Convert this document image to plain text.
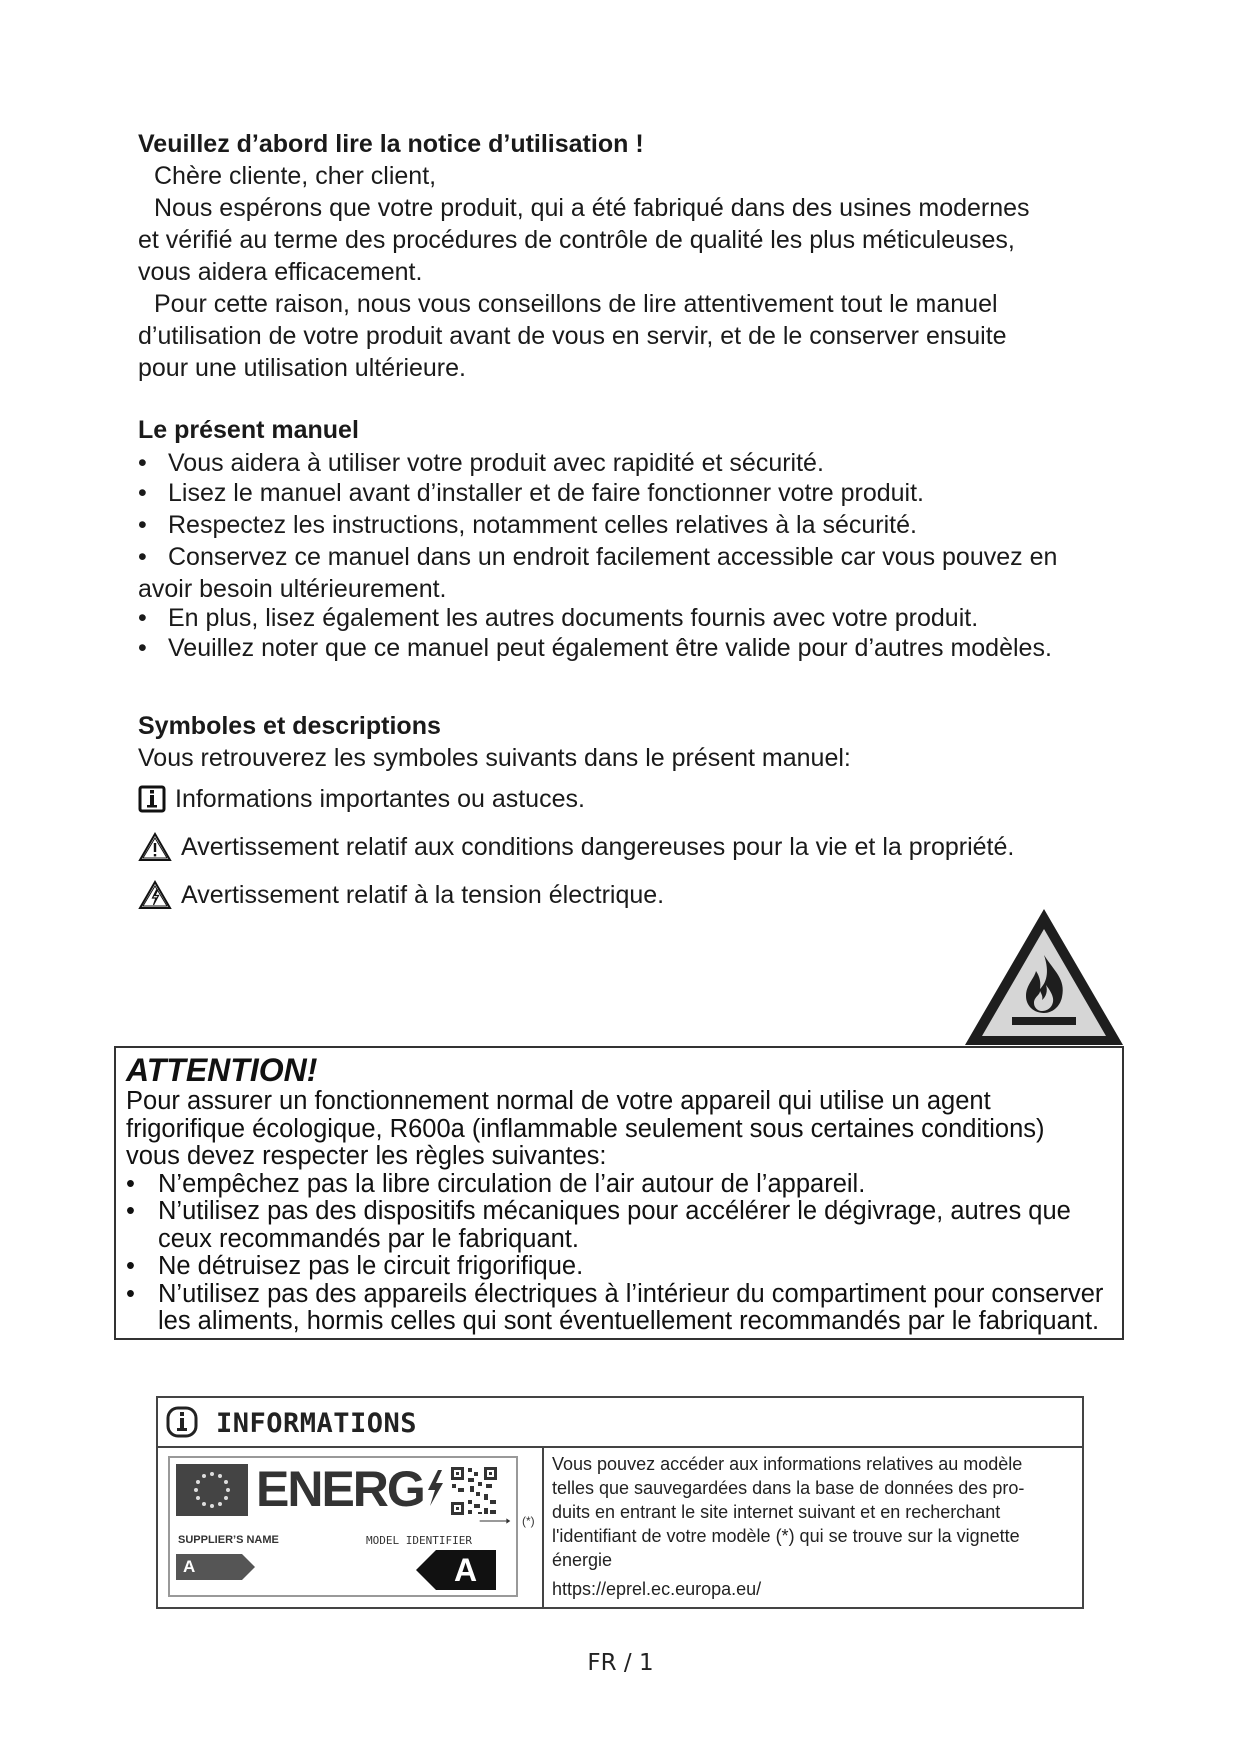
Veuillez d’abord lire la notice d’utilisation !

Chère cliente, cher client,

Nous espérons que votre produit, qui a été fabriqué dans des usines modernes

et vérifié au terme des procédures de contrôle de qualité les plus méticuleuses,

vous aidera efficacement.

Pour cette raison, nous vous conseillons de lire attentivement tout le manuel

d’utilisation de votre produit avant de vous en servir, et de le conserver ensuite

pour une utilisation ultérieure.

Le présent manuel
• Vous aidera à utiliser votre produit avec rapidité et sécurité.
• Lisez le manuel avant d’installer et de faire fonctionner votre produit.
• Respectez les instructions, notamment celles relatives à la sécurité.
• Conservez ce manuel dans un endroit facilement accessible car vous pouvez en
avoir besoin ultérieurement.
• En plus, lisez également les autres documents fournis avec votre produit.
• Veuillez noter que ce manuel peut également être valide pour d’autres modèles.
Symboles et descriptions

Vous retrouverez les symboles suivants dans le présent manuel:

Informations importantes ou astuces.
Avertissement relatif aux conditions dangereuses pour la vie et la propriété.
Avertissement relatif à la tension électrique.
ATTENTION!

Pour assurer un fonctionnement normal de votre appareil qui utilise un agent

frigorifique écologique, R600a (inflammable seulement sous certaines conditions)

vous devez respecter les règles suivantes:

• N’empêchez pas la libre circulation de l’air autour de l’appareil.
• N’utilisez pas des dispositifs mécaniques pour accélérer le dégivrage, autres que
ceux recommandés par le fabriquant.
• Ne détruisez pas le circuit frigorifique.
• N’utilisez pas des appareils électriques à l’intérieur du compartiment pour conserver
les aliments, hormis celles qui sont éventuellement recommandés par le fabriquant.
INFORMATIONS
ENERG
SUPPLIER’S NAME	MODEL IDENTIFIER
A	A
(*)
Vous pouvez accéder aux informations relatives au modèle
telles que sauvegardées dans la base de données des pro-
duits en entrant le site internet suivant et en recherchant
l'identifiant de votre modèle (*) qui se trouve sur la vignette
énergie
https://eprel.ec.europa.eu/
FR / 1
